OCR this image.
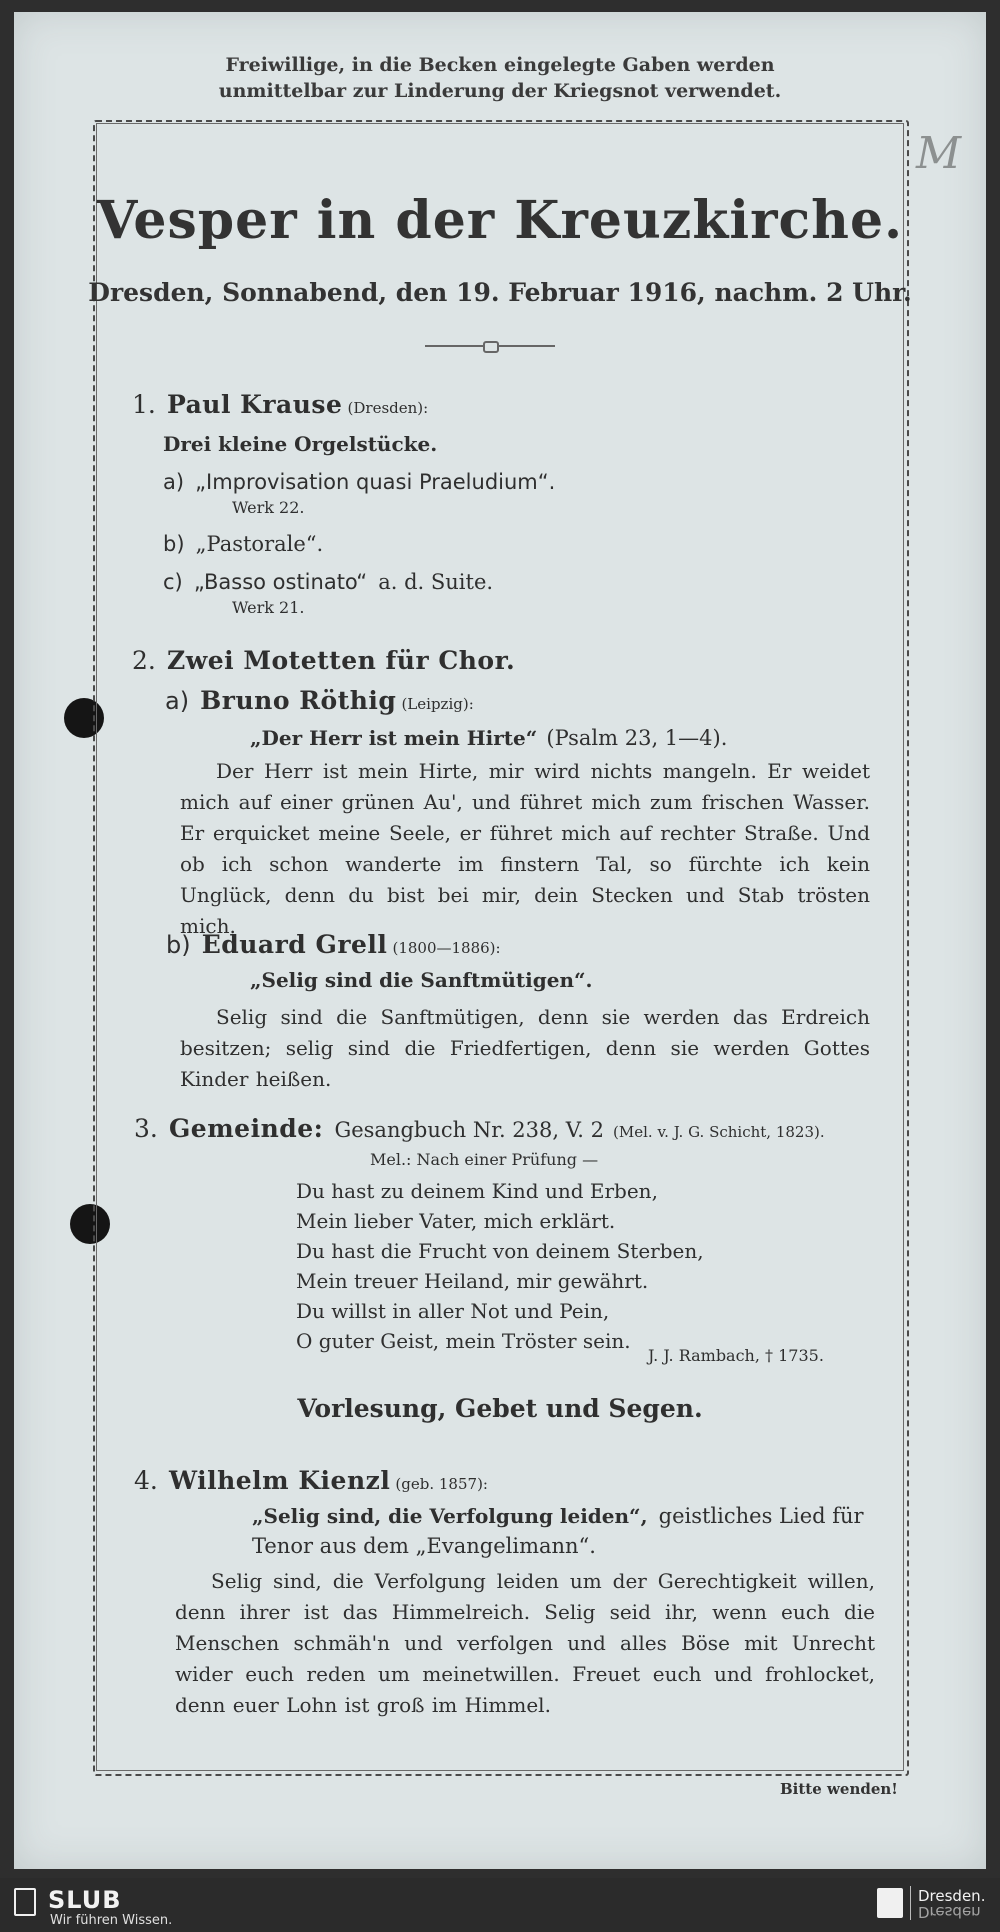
Freiwillige, in die Becken eingelegte Gaben werden
unmittelbar zur Linderung der Kriegsnot verwendet.
M
Vesper in der Kreuzkirche.
Dresden, Sonnabend, den 19. Februar 1916, nachm. 2 Uhr.
1. Paul Krause (Dresden):
Drei kleine Orgelstücke.
a) „Improvisation quasi Praeludium“.
Werk 22.
b) „Pastorale“.
c) „Basso ostinato“ a. d. Suite.
Werk 21.
2. Zwei Motetten für Chor.
a) Bruno Röthig (Leipzig):
„Der Herr ist mein Hirte“ (Psalm 23, 1—4).
Der Herr ist mein Hirte, mir wird nichts mangeln. Er weidet mich auf einer grünen Au', und führet mich zum frischen Wasser. Er erquicket meine Seele, er führet mich auf rechter Straße. Und ob ich schon wanderte im finstern Tal, so fürchte ich kein Unglück, denn du bist bei mir, dein Stecken und Stab trösten mich.
b) Eduard Grell (1800—1886):
„Selig sind die Sanftmütigen“.
Selig sind die Sanftmütigen, denn sie werden das Erdreich besitzen; selig sind die Friedfertigen, denn sie werden Gottes Kinder heißen.
3. Gemeinde: Gesangbuch Nr. 238, V. 2 (Mel. v. J. G. Schicht, 1823).
Mel.: Nach einer Prüfung —
Du hast zu deinem Kind und Erben,
Mein lieber Vater, mich erklärt.
Du hast die Frucht von deinem Sterben,
Mein treuer Heiland, mir gewährt.
Du willst in aller Not und Pein,
O guter Geist, mein Tröster sein.
J. J. Rambach, † 1735.
Vorlesung, Gebet und Segen.
4. Wilhelm Kienzl (geb. 1857):
„Selig sind, die Verfolgung leiden“, geistliches Lied für
Tenor aus dem „Evangelimann“.
Selig sind, die Verfolgung leiden um der Gerechtigkeit willen, denn ihrer ist das Himmelreich. Selig seid ihr, wenn euch die Menschen schmäh'n und verfolgen und alles Böse mit Unrecht wider euch reden um meinetwillen. Freuet euch und frohlocket, denn euer Lohn ist groß im Himmel.
Bitte wenden!
SLUB
Wir führen Wissen.
Dresden.
Dresden
